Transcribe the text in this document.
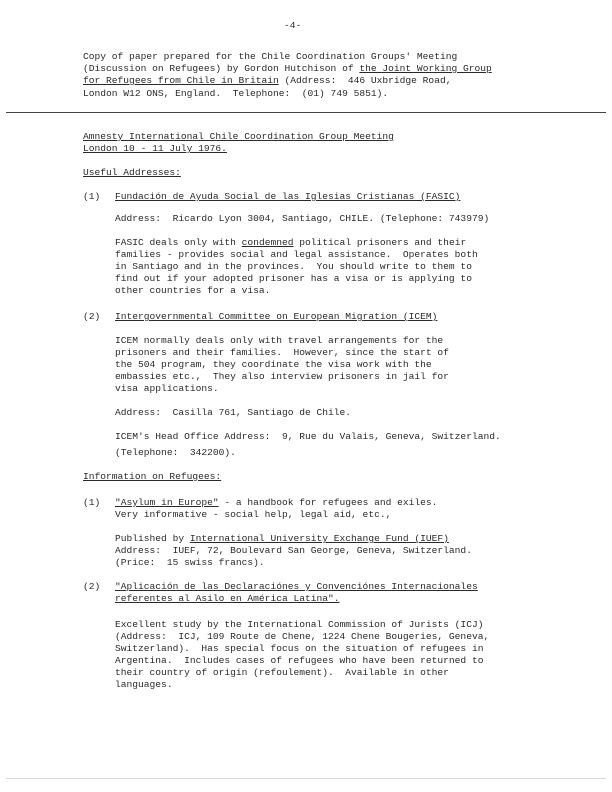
-4-
Copy of paper prepared for the Chile Coordination Groups' Meeting
(Discussion on Refugees) by Gordon Hutchison of the Joint Working Group
for Refugees from Chile in Britain (Address:  446 Uxbridge Road,
London W12 ONS, England.  Telephone:  (01) 749 5851).
Amnesty International Chile Coordination Group Meeting
London 10 - 11 July 1976.
Useful Addresses:
(1) Fundación de Ayuda Social de las Iglesias Cristianas (FASIC)
Address:  Ricardo Lyon 3004, Santiago, CHILE. (Telephone: 743979)
FASIC deals only with condemned political prisoners and their
families - provides social and legal assistance.  Operates both
in Santiago and in the provinces.  You should write to them to
find out if your adopted prisoner has a visa or is applying to
other countries for a visa.
(2) Intergovernmental Committee on European Migration (ICEM)
ICEM normally deals only with travel arrangements for the
prisoners and their families.  However, since the start of
the 504 program, they coordinate the visa work with the
embassies etc.,  They also interview prisoners in jail for
visa applications.
Address:  Casilla 761, Santiago de Chile.
ICEM's Head Office Address:  9, Rue du Valais, Geneva, Switzerland.
(Telephone:  342200).
Information on Refugees:
(1) "Asylum in Europe" - a handbook for refugees and exiles.
Very informative - social help, legal aid, etc.,
Published by International University Exchange Fund (IUEF)
Address:  IUEF, 72, Boulevard San George, Geneva, Switzerland.
(Price:  15 swiss francs).
(2) "Aplicación de las Declaraciónes y Convenciónes Internacionales
referentes al Asilo en América Latina".
Excellent study by the International Commission of Jurists (ICJ)
(Address:  ICJ, 109 Route de Chene, 1224 Chene Bougeries, Geneva,
Switzerland).  Has special focus on the situation of refugees in
Argentina.  Includes cases of refugees who have been returned to
their country of origin (refoulement).  Available in other
languages.
